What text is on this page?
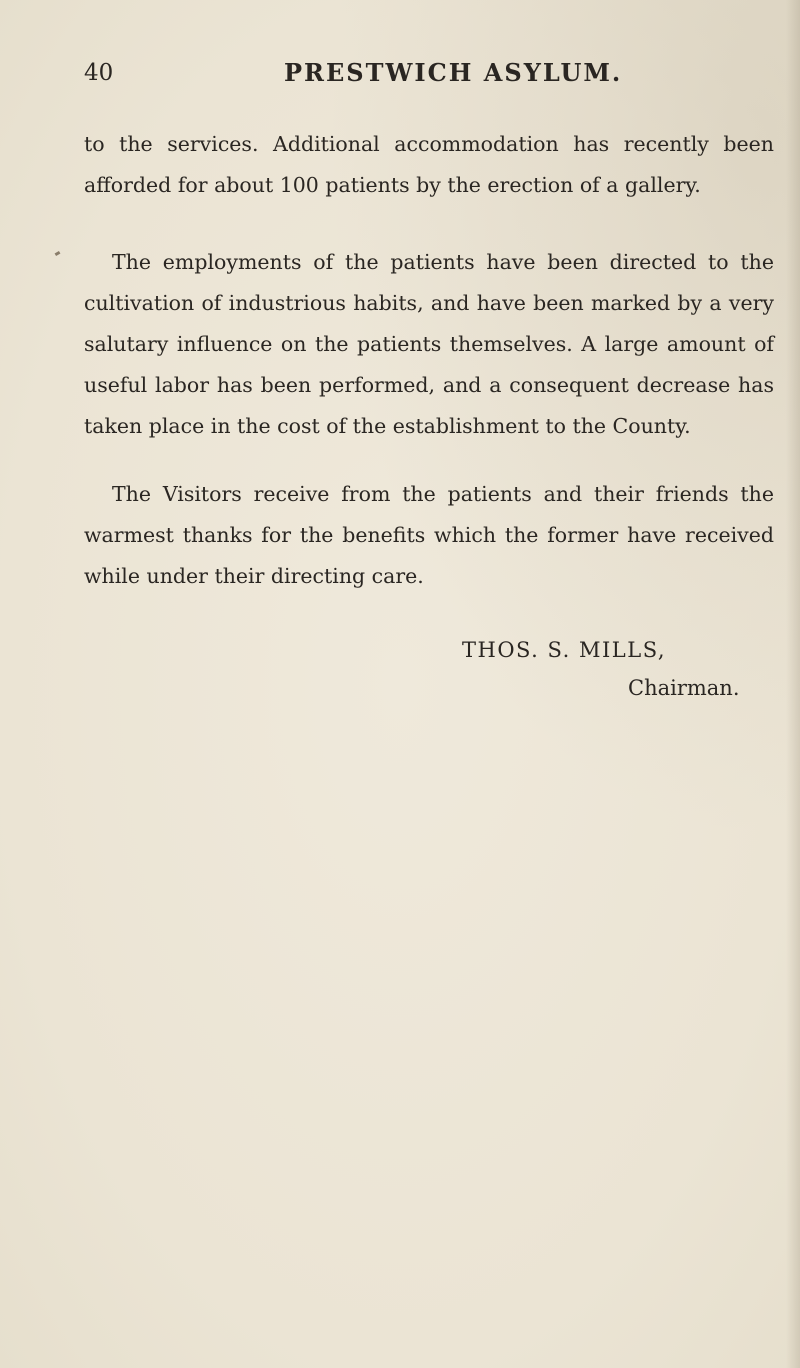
40	PRESTWICH ASYLUM.

to the services. Additional accommodation has recently been afforded for about 100 patients by the erection of a gallery.

The employments of the patients have been directed to the cultivation of industrious habits, and have been marked by a very salutary influence on the patients themselves. A large amount of useful labor has been performed, and a consequent decrease has taken place in the cost of the establishment to the County.

The Visitors receive from the patients and their friends the warmest thanks for the benefits which the former have received while under their directing care.

THOS. S. MILLS,
Chairman.
